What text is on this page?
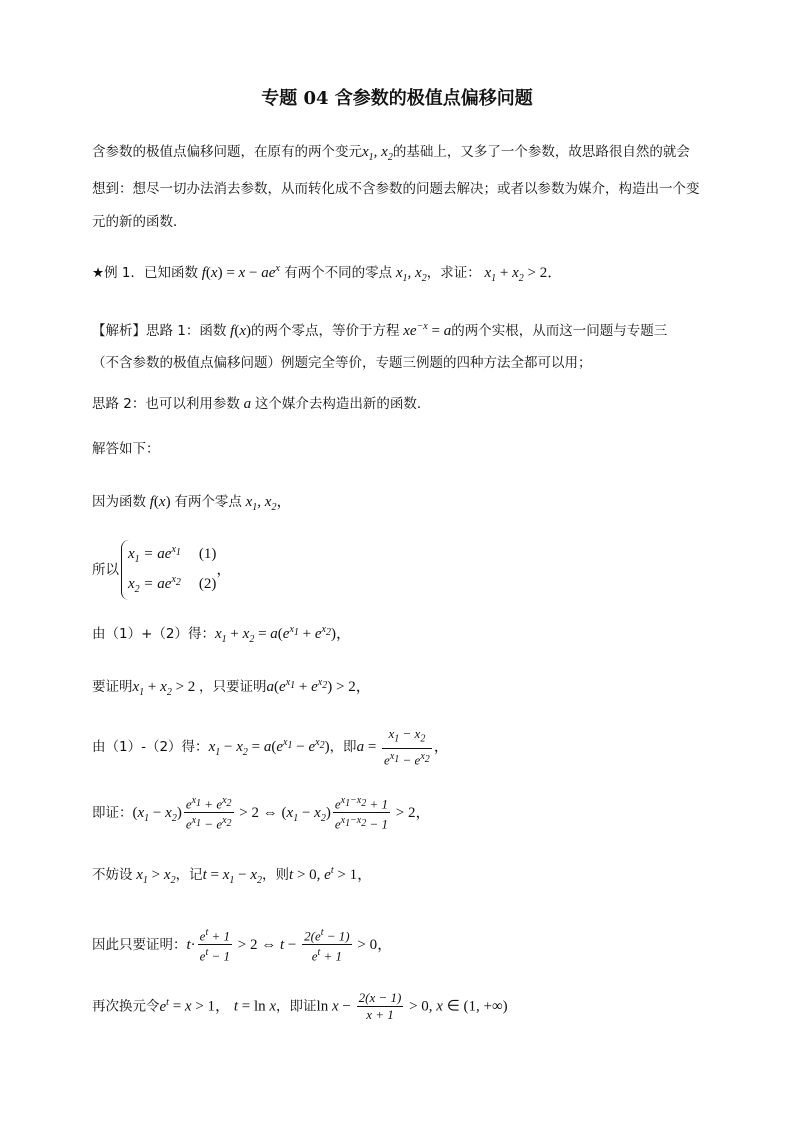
专题 04 含参数的极值点偏移问题
含参数的极值点偏移问题，在原有的两个变元$x_1$, $x_2$的基础上，又多了一个参数，故思路很自然的就会
想到：想尽一切办法消去参数，从而转化成不含参数的问题去解决；或者以参数为媒介，构造出一个变
元的新的函数．
★例 1．已知函数 $f(x) = x - ae^x$ 有两个不同的零点 $x_1$, $x_2$，求证： $x_1 + x_2 > 2$．
【解析】思路 1：函数 f(x)的两个零点，等价于方程 $xe^{-x} = a$的两个实根，从而这一问题与专题三
（不含参数的极值点偏移问题）例题完全等价，专题三例题的四种方法全都可以用；
思路 2：也可以利用参数 a 这个媒介去构造出新的函数．
解答如下：
因为函数 f(x) 有两个零点 $x_1$, $x_2$，
所以
$x_1 = ae^{x_1}$ (1)
$x_2 = ae^{x_2}$ (2)
，
由（1）+（2）得：$x_1 + x_2 = a(e^{x_1} + e^{x_2})$，
要证明$x_1 + x_2 > 2$ ，只要证明$a(e^{x_1} + e^{x_2}) > 2$，
由（1）-（2）得：$x_1 - x_2 = a(e^{x_1} - e^{x_2})$，即$a = \frac{x_1 - x_2}{e^{x_1} - e^{x_2}}$ ，
即证：$(x_1 - x_2) \frac{e^{x_1} + e^{x_2}}{e^{x_1} - e^{x_2}} > 2$ ⇔ $(x_1 - x_2) \frac{e^{x_1-x_2} + 1}{e^{x_1-x_2} - 1} > 2$，
不妨设 $x_1 > x_2$，记$t = x_1 - x_2$，则t > 0, $e^t > 1$，
因此只要证明：$t\cdot \frac{e^t + 1}{e^t - 1} > 2$ ⇔ $t - \frac{2(e^t - 1)}{e^t + 1} > 0$，
再次换元令$e^t = x > 1$， t = ln x，即证$\ln x - \frac{2(x - 1)}{x + 1} > 0$, x ∈ (1, +∞)
